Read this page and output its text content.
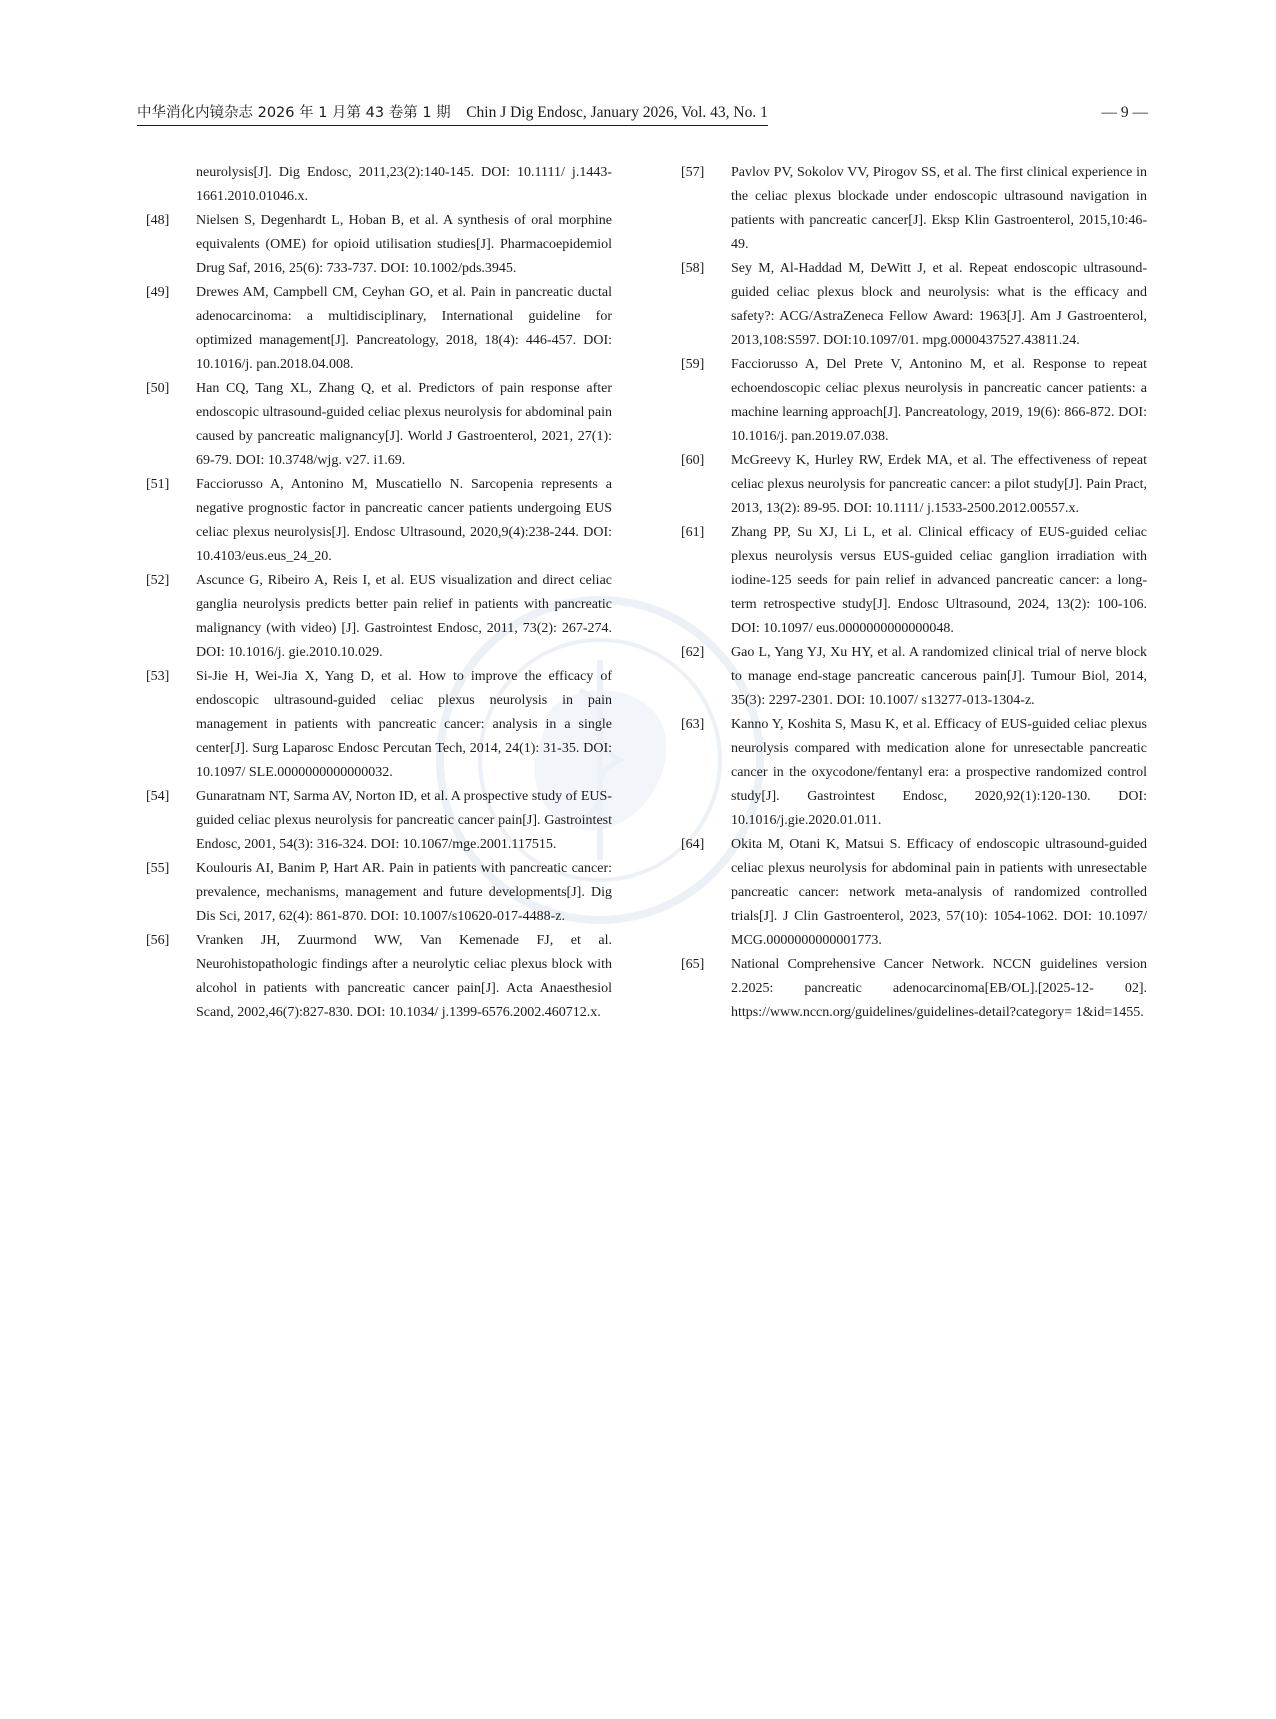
中华消化内镜杂志 2026 年 1 月第 43 卷第 1 期 Chin J Dig Endosc, January 2026, Vol. 43, No. 1	— 9 —
neurolysis[J]. Dig Endosc, 2011,23(2):140-145. DOI: 10.1111/ j.1443-1661.2010.01046.x.
[48]	Nielsen S, Degenhardt L, Hoban B, et al. A synthesis of oral morphine equivalents (OME) for opioid utilisation studies[J]. Pharmacoepidemiol Drug Saf, 2016, 25(6): 733-737. DOI: 10.1002/pds.3945.
[49]	Drewes AM, Campbell CM, Ceyhan GO, et al. Pain in pancreatic ductal adenocarcinoma: a multidisciplinary, International guideline for optimized management[J]. Pancreatology, 2018, 18(4): 446-457. DOI: 10.1016/j. pan.2018.04.008.
[50]	Han CQ, Tang XL, Zhang Q, et al. Predictors of pain response after endoscopic ultrasound-guided celiac plexus neurolysis for abdominal pain caused by pancreatic malignancy[J]. World J Gastroenterol, 2021, 27(1): 69-79. DOI: 10.3748/wjg. v27. i1.69.
[51]	Facciorusso A, Antonino M, Muscatiello N. Sarcopenia represents a negative prognostic factor in pancreatic cancer patients undergoing EUS celiac plexus neurolysis[J]. Endosc Ultrasound, 2020,9(4):238-244. DOI: 10.4103/eus.eus_24_20.
[52]	Ascunce G, Ribeiro A, Reis I, et al. EUS visualization and direct celiac ganglia neurolysis predicts better pain relief in patients with pancreatic malignancy (with video) [J]. Gastrointest Endosc, 2011, 73(2): 267-274. DOI: 10.1016/j. gie.2010.10.029.
[53]	Si-Jie H, Wei-Jia X, Yang D, et al. How to improve the efficacy of endoscopic ultrasound-guided celiac plexus neurolysis in pain management in patients with pancreatic cancer: analysis in a single center[J]. Surg Laparosc Endosc Percutan Tech, 2014, 24(1): 31-35. DOI: 10.1097/ SLE.0000000000000032.
[54]	Gunaratnam NT, Sarma AV, Norton ID, et al. A prospective study of EUS-guided celiac plexus neurolysis for pancreatic cancer pain[J]. Gastrointest Endosc, 2001, 54(3): 316-324. DOI: 10.1067/mge.2001.117515.
[55]	Koulouris AI, Banim P, Hart AR. Pain in patients with pancreatic cancer: prevalence, mechanisms, management and future developments[J]. Dig Dis Sci, 2017, 62(4): 861-870. DOI: 10.1007/s10620-017-4488-z.
[56]	Vranken JH, Zuurmond WW, Van Kemenade FJ, et al. Neurohistopathologic findings after a neurolytic celiac plexus block with alcohol in patients with pancreatic cancer pain[J]. Acta Anaesthesiol Scand, 2002,46(7):827-830. DOI: 10.1034/ j.1399-6576.2002.460712.x.
[57]	Pavlov PV, Sokolov VV, Pirogov SS, et al. The first clinical experience in the celiac plexus blockade under endoscopic ultrasound navigation in patients with pancreatic cancer[J]. Eksp Klin Gastroenterol, 2015,10:46-49.
[58]	Sey M, Al-Haddad M, DeWitt J, et al. Repeat endoscopic ultrasound-guided celiac plexus block and neurolysis: what is the efficacy and safety?: ACG/AstraZeneca Fellow Award: 1963[J]. Am J Gastroenterol, 2013,108:S597. DOI:10.1097/01. mpg.0000437527.43811.24.
[59]	Facciorusso A, Del Prete V, Antonino M, et al. Response to repeat echoendoscopic celiac plexus neurolysis in pancreatic cancer patients: a machine learning approach[J]. Pancreatology, 2019, 19(6): 866-872. DOI: 10.1016/j. pan.2019.07.038.
[60]	McGreevy K, Hurley RW, Erdek MA, et al. The effectiveness of repeat celiac plexus neurolysis for pancreatic cancer: a pilot study[J]. Pain Pract, 2013, 13(2): 89-95. DOI: 10.1111/ j.1533-2500.2012.00557.x.
[61]	Zhang PP, Su XJ, Li L, et al. Clinical efficacy of EUS-guided celiac plexus neurolysis versus EUS-guided celiac ganglion irradiation with iodine-125 seeds for pain relief in advanced pancreatic cancer: a long-term retrospective study[J]. Endosc Ultrasound, 2024, 13(2): 100-106. DOI: 10.1097/ eus.0000000000000048.
[62]	Gao L, Yang YJ, Xu HY, et al. A randomized clinical trial of nerve block to manage end-stage pancreatic cancerous pain[J]. Tumour Biol, 2014, 35(3): 2297-2301. DOI: 10.1007/ s13277-013-1304-z.
[63]	Kanno Y, Koshita S, Masu K, et al. Efficacy of EUS-guided celiac plexus neurolysis compared with medication alone for unresectable pancreatic cancer in the oxycodone/fentanyl era: a prospective randomized control study[J]. Gastrointest Endosc, 2020,92(1):120-130. DOI: 10.1016/j.gie.2020.01.011.
[64]	Okita M, Otani K, Matsui S. Efficacy of endoscopic ultrasound-guided celiac plexus neurolysis for abdominal pain in patients with unresectable pancreatic cancer: network meta-analysis of randomized controlled trials[J]. J Clin Gastroenterol, 2023, 57(10): 1054-1062. DOI: 10.1097/ MCG.0000000000001773.
[65]	National Comprehensive Cancer Network. NCCN guidelines version 2.2025: pancreatic adenocarcinoma[EB/OL].[2025-12- 02]. https://www.nccn.org/guidelines/guidelines-detail?category= 1&id=1455.
